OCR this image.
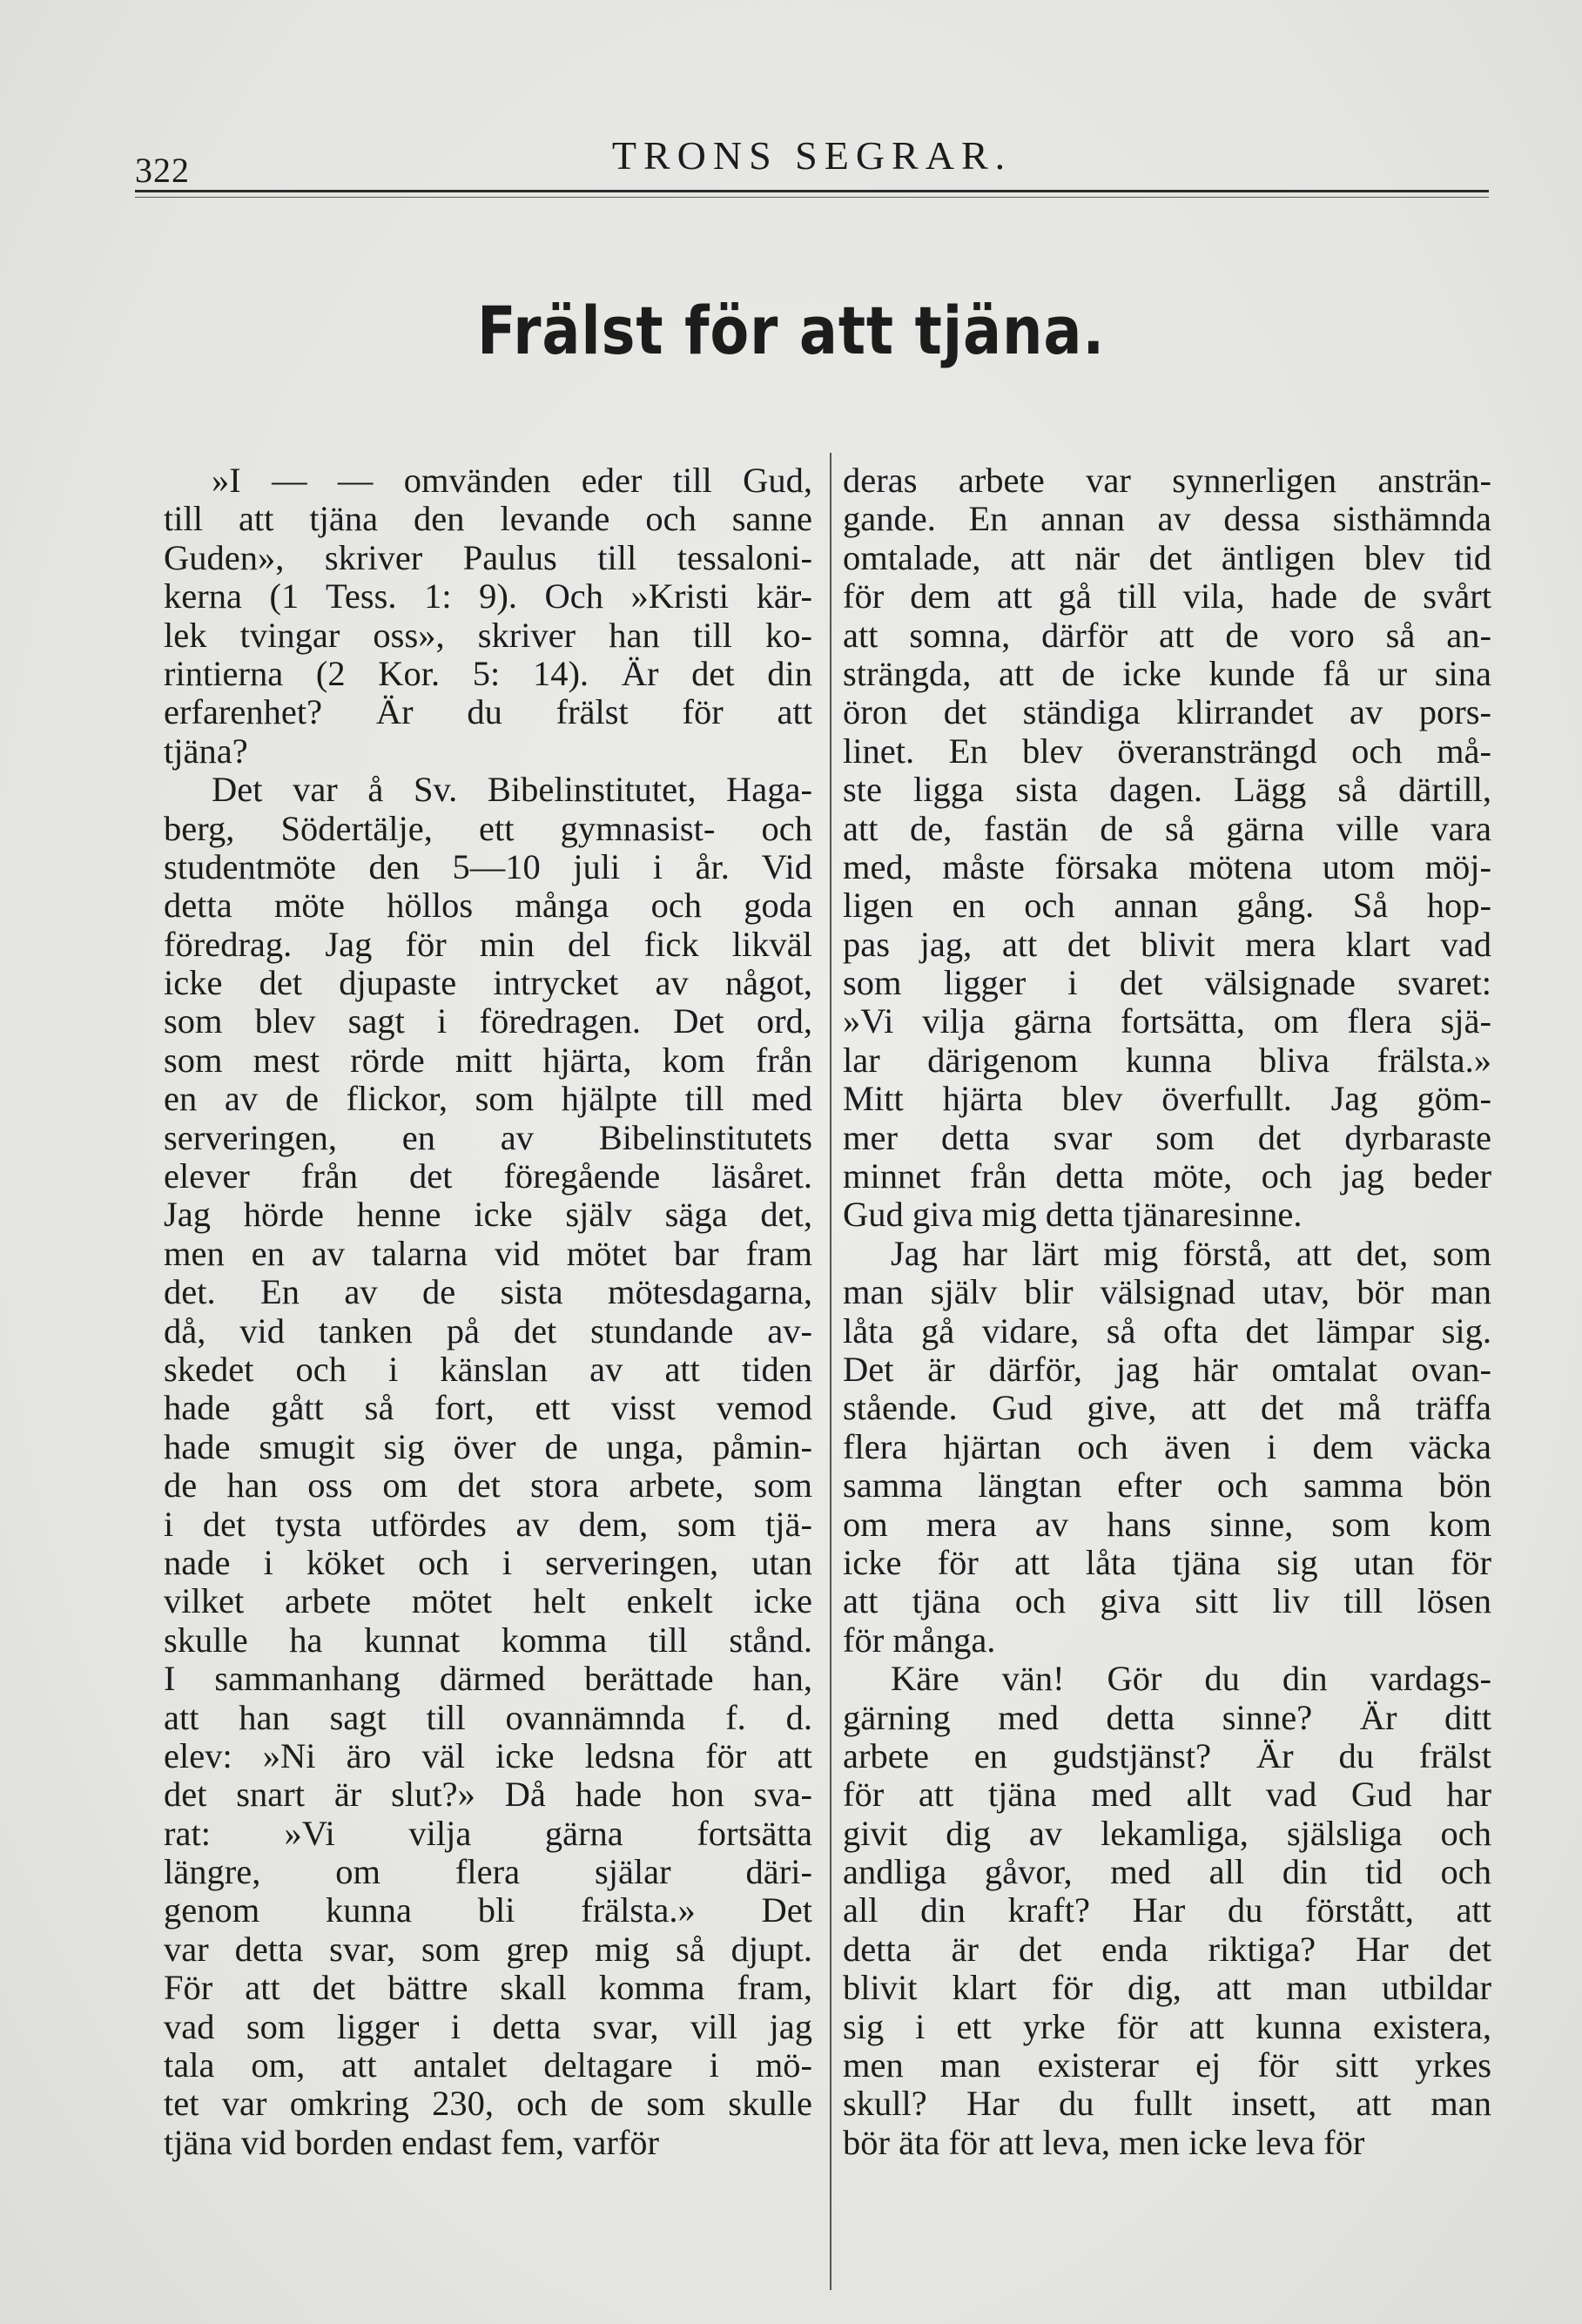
322	TRONS SEGRAR.
Frälst för att tjäna.
»I — — omvänden eder till Gud,
till att tjäna den levande och sanne
Guden», skriver Paulus till tessaloni-
kerna (1 Tess. 1: 9). Och »Kristi kär-
lek tvingar oss», skriver han till ko-
rintierna (2 Kor. 5: 14). Är det din
erfarenhet? Är du frälst för att
tjäna?
Det var å Sv. Bibelinstitutet, Haga-
berg, Södertälje, ett gymnasist- och
studentmöte den 5—10 juli i år. Vid
detta möte höllos många och goda
föredrag. Jag för min del fick likväl
icke det djupaste intrycket av något,
som blev sagt i föredragen. Det ord,
som mest rörde mitt hjärta, kom från
en av de flickor, som hjälpte till med
serveringen, en av Bibelinstitutets
elever från det föregående läsåret.
Jag hörde henne icke själv säga det,
men en av talarna vid mötet bar fram
det. En av de sista mötesdagarna,
då, vid tanken på det stundande av-
skedet och i känslan av att tiden
hade gått så fort, ett visst vemod
hade smugit sig över de unga, påmin-
de han oss om det stora arbete, som
i det tysta utfördes av dem, som tjä-
nade i köket och i serveringen, utan
vilket arbete mötet helt enkelt icke
skulle ha kunnat komma till stånd.
I sammanhang därmed berättade han,
att han sagt till ovannämnda f. d.
elev: »Ni äro väl icke ledsna för att
det snart är slut?» Då hade hon sva-
rat: »Vi vilja gärna fortsätta
längre, om flera själar däri-
genom kunna bli frälsta.» Det
var detta svar, som grep mig så djupt.
För att det bättre skall komma fram,
vad som ligger i detta svar, vill jag
tala om, att antalet deltagare i mö-
tet var omkring 230, och de som skulle
tjäna vid borden endast fem, varför
deras arbete var synnerligen ansträn-
gande. En annan av dessa sisthämnda
omtalade, att när det äntligen blev tid
för dem att gå till vila, hade de svårt
att somna, därför att de voro så an-
strängda, att de icke kunde få ur sina
öron det ständiga klirrandet av pors-
linet. En blev överansträngd och må-
ste ligga sista dagen. Lägg så därtill,
att de, fastän de så gärna ville vara
med, måste försaka mötena utom möj-
ligen en och annan gång. Så hop-
pas jag, att det blivit mera klart vad
som ligger i det välsignade svaret:
»Vi vilja gärna fortsätta, om flera sjä-
lar därigenom kunna bliva frälsta.»
Mitt hjärta blev överfullt. Jag göm-
mer detta svar som det dyrbaraste
minnet från detta möte, och jag beder
Gud giva mig detta tjänaresinne.
Jag har lärt mig förstå, att det, som
man själv blir välsignad utav, bör man
låta gå vidare, så ofta det lämpar sig.
Det är därför, jag här omtalat ovan-
stående. Gud give, att det må träffa
flera hjärtan och även i dem väcka
samma längtan efter och samma bön
om mera av hans sinne, som kom
icke för att låta tjäna sig utan för
att tjäna och giva sitt liv till lösen
för många.
Käre vän! Gör du din vardags-
gärning med detta sinne? Är ditt
arbete en gudstjänst? Är du frälst
för att tjäna med allt vad Gud har
givit dig av lekamliga, själsliga och
andliga gåvor, med all din tid och
all din kraft? Har du förstått, att
detta är det enda riktiga? Har det
blivit klart för dig, att man utbildar
sig i ett yrke för att kunna existera,
men man existerar ej för sitt yrkes
skull? Har du fullt insett, att man
bör äta för att leva, men icke leva för
